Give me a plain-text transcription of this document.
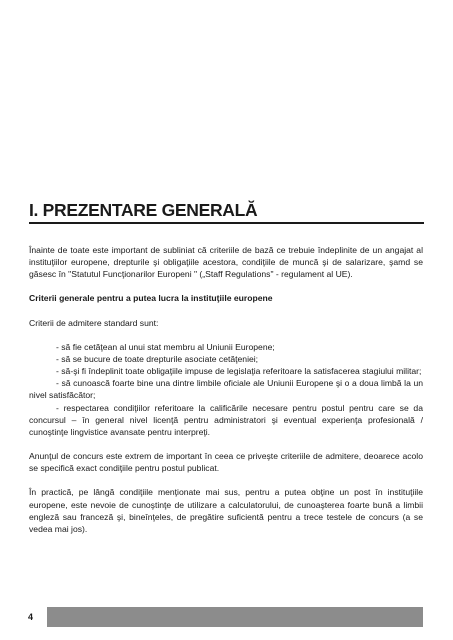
I. PREZENTARE GENERALĂ

Înainte de toate este important de subliniat că criteriile de bază ce trebuie îndeplinite de un angajat al instituţiilor europene, drepturile şi obligaţiile acestora, condiţiile de muncă şi de salarizare, şamd se găsesc în "Statutul Funcţionarilor Europeni " („Staff Regulations" - regulament al UE).

Criterii generale pentru a putea lucra la instituţiile europene

Criterii de admitere standard sunt:

- să fie cetăţean al unui stat membru al Uniunii Europene;

- să se bucure de toate drepturile asociate cetăţeniei;

- să-şi fi îndeplinit toate obligaţiile impuse de legislaţia referitoare la satisfacerea stagiului militar;

- să cunoască foarte bine una dintre limbile oficiale ale Uniunii Europene şi o a doua limbă la un nivel satisfăcător;

- respectarea condiţiilor referitoare la calificările necesare pentru postul pentru care se da concursul – în general nivel licenţă pentru administratori şi eventual experienţa profesională / cunoştinţe lingvistice avansate pentru interpreţi.

Anunţul de concurs este extrem de important în ceea ce priveşte criteriile de admitere, deoarece acolo se specifică exact condiţiile pentru postul publicat.

În practică, pe lângă condiţiile menţionate mai sus, pentru a putea obţine un post în instituţiile europene, este nevoie de cunoştinţe de utilizare a calculatorului, de cunoaşterea foarte bună a limbii engleză sau franceză şi, bineînţeles, de pregătire suficientă pentru a trece testele de concurs (a se vedea mai jos).

4
